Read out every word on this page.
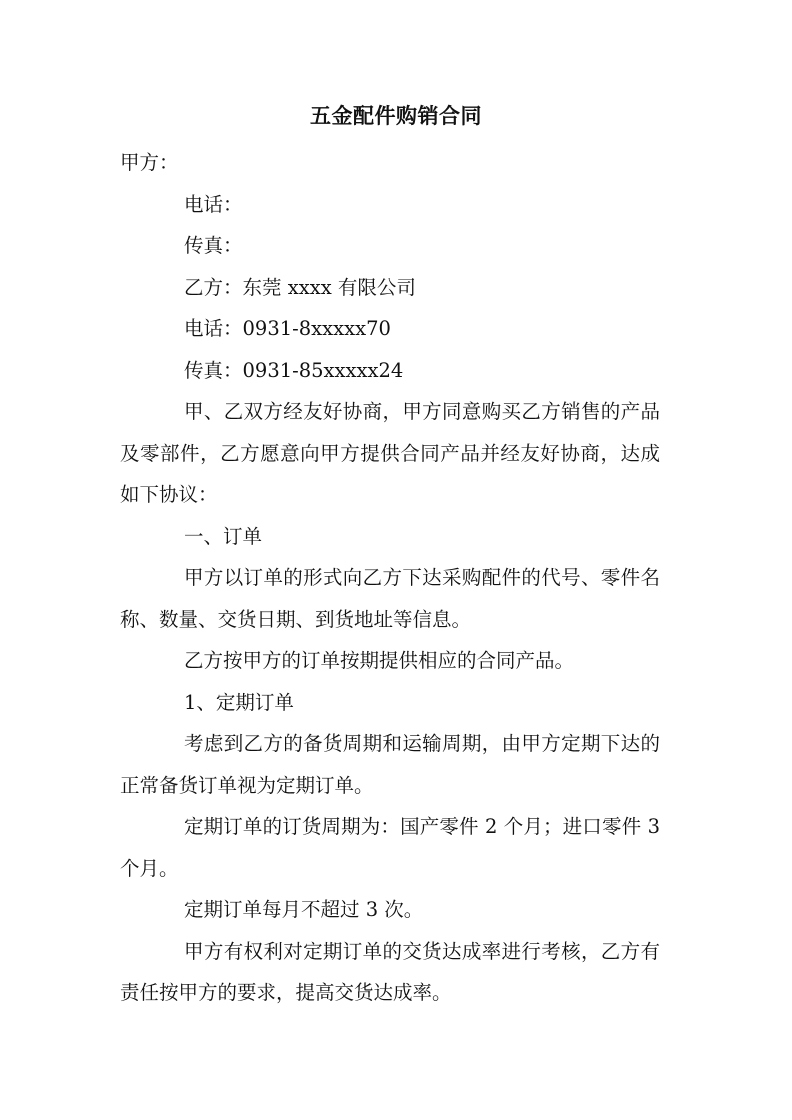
五金配件购销合同

甲方：

电话：

传真：

乙方：东莞 xxxx 有限公司

电话：0931-8xxxxx70

传真：0931-85xxxxx24

甲、乙双方经友好协商，甲方同意购买乙方销售的产品及零部件，乙方愿意向甲方提供合同产品并经友好协商，达成如下协议：

一、订单

甲方以订单的形式向乙方下达采购配件的代号、零件名称、数量、交货日期、到货地址等信息。

乙方按甲方的订单按期提供相应的合同产品。

1、定期订单

考虑到乙方的备货周期和运输周期，由甲方定期下达的正常备货订单视为定期订单。

定期订单的订货周期为：国产零件 2 个月；进口零件 3 个月。

定期订单每月不超过 3 次。

甲方有权利对定期订单的交货达成率进行考核，乙方有责任按甲方的要求，提高交货达成率。
